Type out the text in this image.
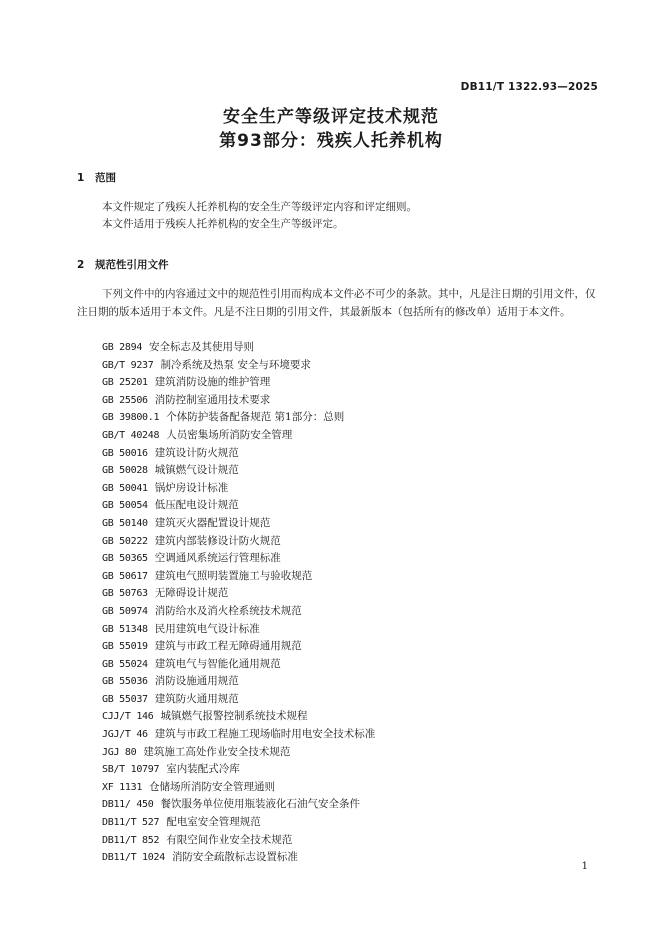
DB11/T 1322.93—2025
安全生产等级评定技术规范
第93部分：残疾人托养机构
1 范围
本文件规定了残疾人托养机构的安全生产等级评定内容和评定细则。
本文件适用于残疾人托养机构的安全生产等级评定。
2 规范性引用文件
下列文件中的内容通过文中的规范性引用而构成本文件必不可少的条款。其中，凡是注日期的引用文件，仅注日期的版本适用于本文件。凡是不注日期的引用文件，其最新版本（包括所有的修改单）适用于本文件。
GB 2894 安全标志及其使用导则
GB/T 9237 制冷系统及热泵 安全与环境要求
GB 25201 建筑消防设施的维护管理
GB 25506 消防控制室通用技术要求
GB 39800.1 个体防护装备配备规范 第1部分：总则
GB/T 40248 人员密集场所消防安全管理
GB 50016 建筑设计防火规范
GB 50028 城镇燃气设计规范
GB 50041 锅炉房设计标准
GB 50054 低压配电设计规范
GB 50140 建筑灭火器配置设计规范
GB 50222 建筑内部装修设计防火规范
GB 50365 空调通风系统运行管理标准
GB 50617 建筑电气照明装置施工与验收规范
GB 50763 无障碍设计规范
GB 50974 消防给水及消火栓系统技术规范
GB 51348 民用建筑电气设计标准
GB 55019 建筑与市政工程无障碍通用规范
GB 55024 建筑电气与智能化通用规范
GB 55036 消防设施通用规范
GB 55037 建筑防火通用规范
CJJ/T 146 城镇燃气报警控制系统技术规程
JGJ/T 46 建筑与市政工程施工现场临时用电安全技术标准
JGJ 80 建筑施工高处作业安全技术规范
SB/T 10797 室内装配式冷库
XF 1131 仓储场所消防安全管理通则
DB11/ 450 餐饮服务单位使用瓶装液化石油气安全条件
DB11/T 527 配电室安全管理规范
DB11/T 852 有限空间作业安全技术规范
DB11/T 1024 消防安全疏散标志设置标准
1
